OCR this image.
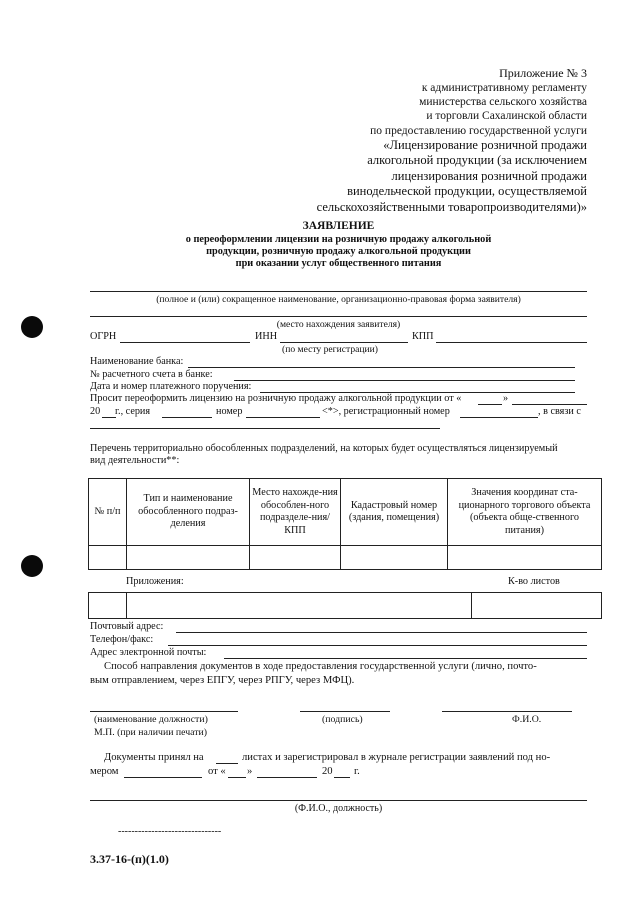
Приложение № 3
к административному регламенту
министерства сельского хозяйства
и торговли Сахалинской области
по предоставлению государственной услуги
«Лицензирование розничной продажи
алкогольной продукции (за исключением
лицензирования розничной продажи
винодельческой продукции, осуществляемой
сельскохозяйственными товаропроизводителями)»
ЗАЯВЛЕНИЕ
о переоформлении лицензии на розничную продажу алкогольной
продукции, розничную продажу алкогольной продукции
при оказании услуг общественного питания
(полное и (или) сокращенное наименование, организационно-правовая форма заявителя)
(место нахождения заявителя)
ОГРН	ИНН	КПП
(по месту регистрации)
Наименование банка:
№ расчетного счета в банке:
Дата и номер платежного поручения:
Просит переоформить лицензию на розничную продажу алкогольной продукции от «	»
20 г., серия	номер	<*>, регистрационный номер	, в связи с
Перечень территориально обособленных подразделений, на которых будет осуществляться лицензируемый
вид деятельности**:
№ п/п	Тип и наименование обособленного подраз-деления	Место нахожде-ния обособлен-ного подразделе-ния/КПП	Кадастровый номер (здания, помещения)	Значения координат ста-ционарного торгового объекта (объекта обще-ственного питания)

Приложения:	К-во листов

Почтовый адрес:
Телефон/факс:
Адрес электронной почты:
Способ направления документов в ходе предоставления государственной услуги (лично, почто-
вым отправлением, через ЕПГУ, через РПГУ, через МФЦ).
(наименование должности)	(подпись)	Ф.И.О.
М.П. (при наличии печати)
Документы принял на	листах и зарегистрировал в журнале регистрации заявлений под но-
мером	от « »	20 г.
(Ф.И.О., должность)
-------------------------------
3.37-16-(п)(1.0)
